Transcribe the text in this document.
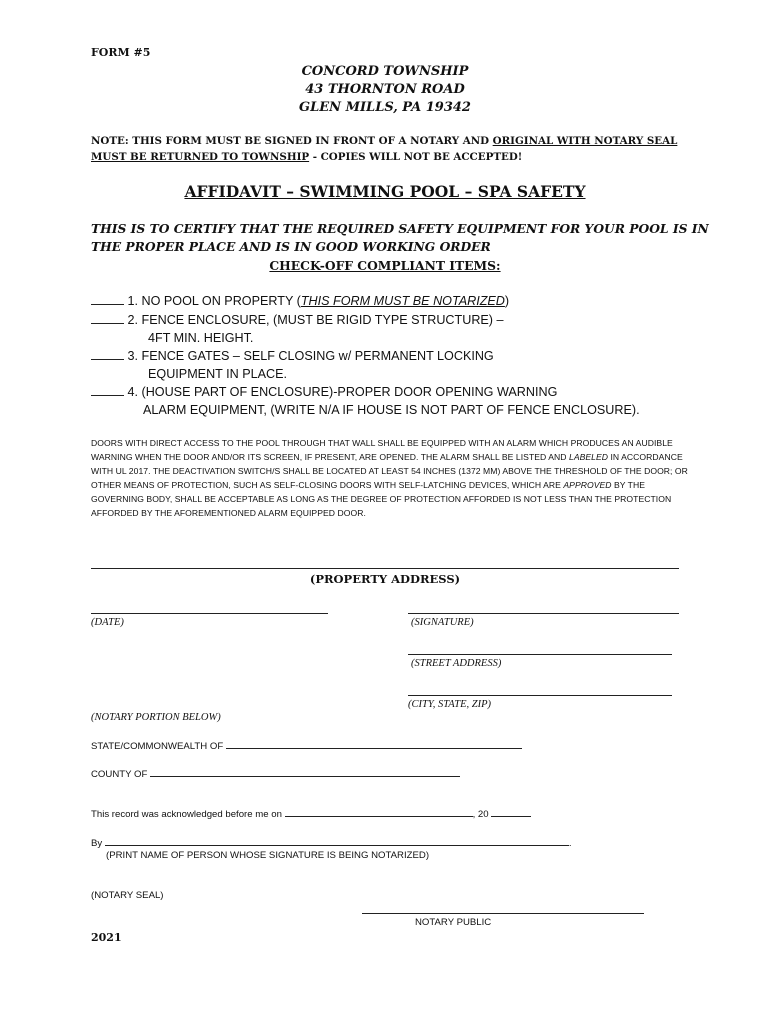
FORM #5
CONCORD TOWNSHIP
43 THORNTON ROAD
GLEN MILLS, PA 19342
NOTE: THIS FORM MUST BE SIGNED IN FRONT OF A NOTARY AND ORIGINAL WITH NOTARY SEAL
MUST BE RETURNED TO TOWNSHIP - COPIES WILL NOT BE ACCEPTED!
AFFIDAVIT – SWIMMING POOL – SPA SAFETY
THIS IS TO CERTIFY THAT THE REQUIRED SAFETY EQUIPMENT FOR YOUR POOL IS IN
THE PROPER PLACE AND IS IN GOOD WORKING ORDER
CHECK-OFF COMPLIANT ITEMS:
1. NO POOL ON PROPERTY (THIS FORM MUST BE NOTARIZED)
2. FENCE ENCLOSURE, (MUST BE RIGID TYPE STRUCTURE) –
4FT MIN. HEIGHT.
3. FENCE GATES – SELF CLOSING w/ PERMANENT LOCKING
EQUIPMENT IN PLACE.
4. (HOUSE PART OF ENCLOSURE)-PROPER DOOR OPENING WARNING
ALARM EQUIPMENT, (WRITE N/A IF HOUSE IS NOT PART OF FENCE ENCLOSURE).
DOORS WITH DIRECT ACCESS TO THE POOL THROUGH THAT WALL SHALL BE EQUIPPED WITH AN ALARM WHICH PRODUCES AN AUDIBLE WARNING WHEN THE DOOR AND/OR ITS SCREEN, IF PRESENT, ARE OPENED. THE ALARM SHALL BE LISTED AND LABELED IN ACCORDANCE WITH UL 2017. THE DEACTIVATION SWITCH/S SHALL BE LOCATED AT LEAST 54 INCHES (1372 MM) ABOVE THE THRESHOLD OF THE DOOR; OR OTHER MEANS OF PROTECTION, SUCH AS SELF-CLOSING DOORS WITH SELF-LATCHING DEVICES, WHICH ARE APPROVED BY THE GOVERNING BODY, SHALL BE ACCEPTABLE AS LONG AS THE DEGREE OF PROTECTION AFFORDED IS NOT LESS THAN THE PROTECTION AFFORDED BY THE AFOREMENTIONED ALARM EQUIPPED DOOR.
(PROPERTY ADDRESS)
(DATE)	(SIGNATURE)
(STREET ADDRESS)
(CITY, STATE, ZIP)
(NOTARY PORTION BELOW)
STATE/COMMONWEALTH OF
COUNTY OF
This record was acknowledged before me on	, 20
By	.
(PRINT NAME OF PERSON WHOSE SIGNATURE IS BEING NOTARIZED)
(NOTARY SEAL)
NOTARY PUBLIC
2021
